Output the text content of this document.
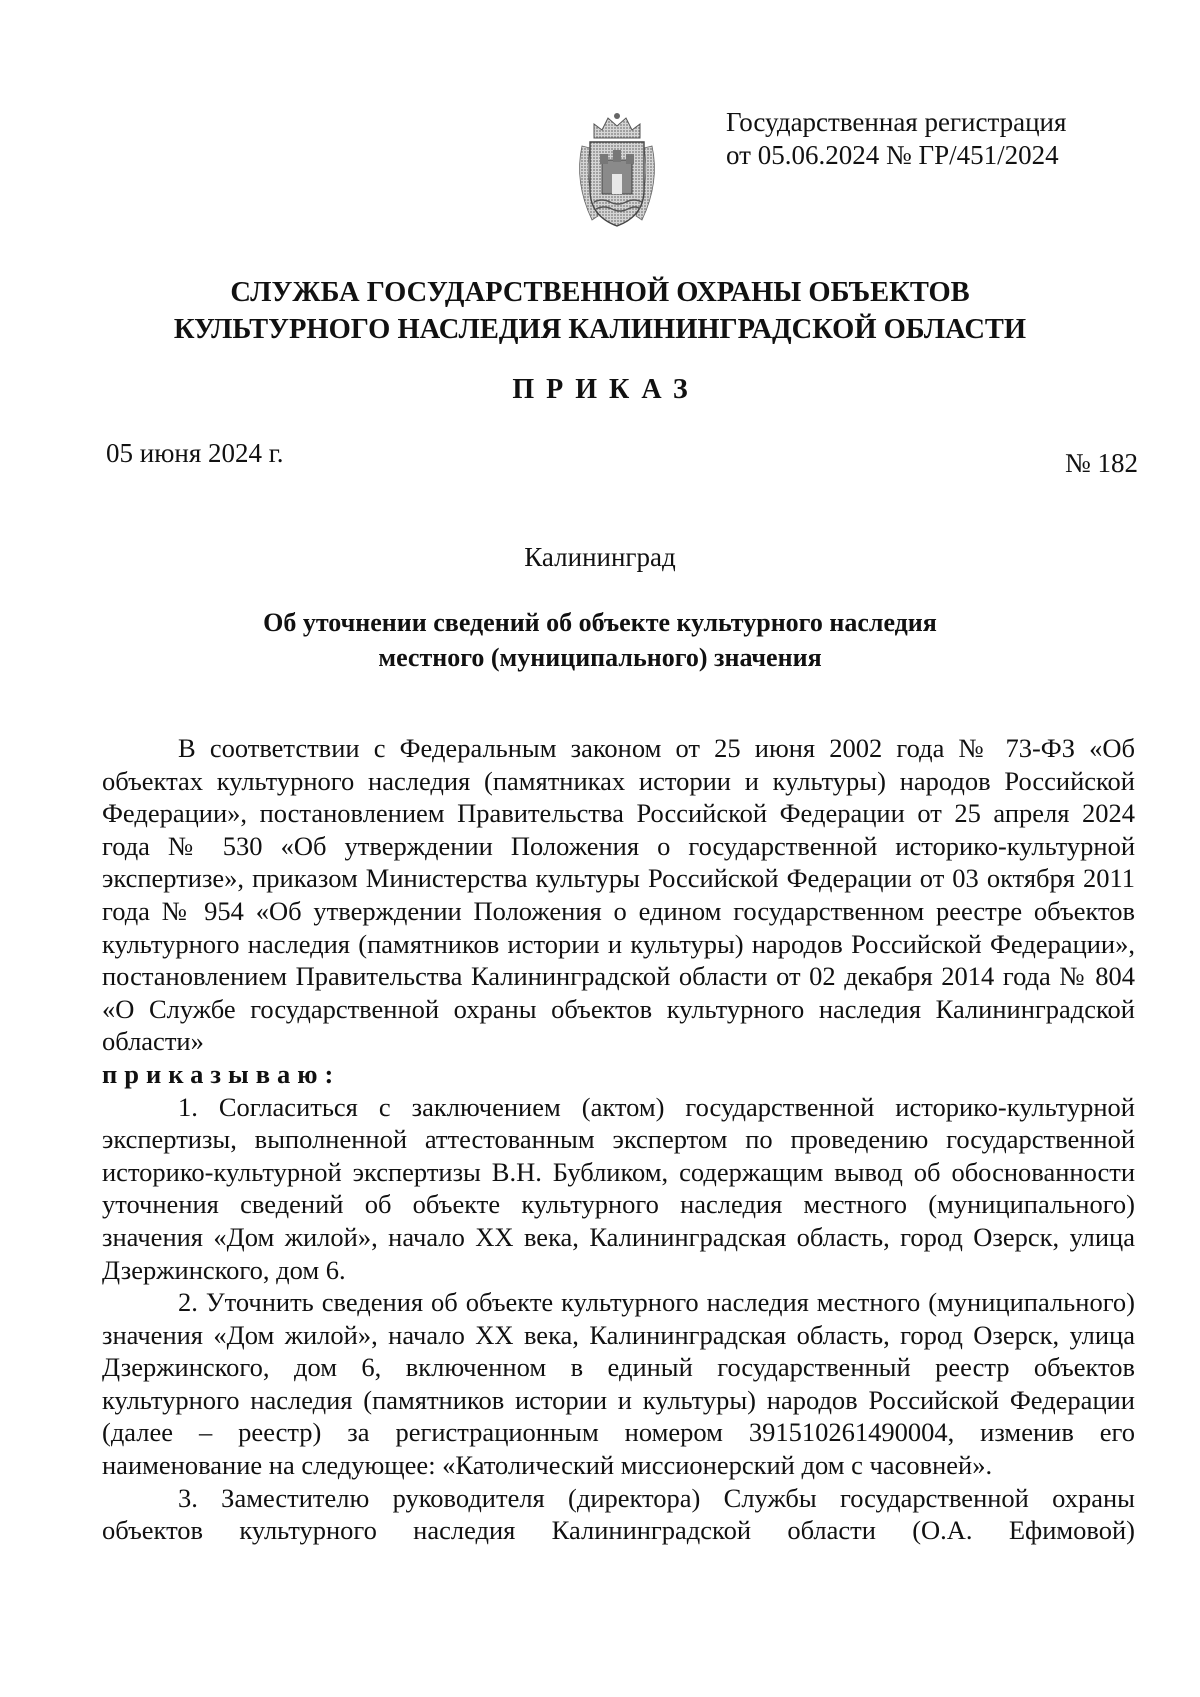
Государственная регистрация
от 05.06.2024 № ГР/451/2024
СЛУЖБА ГОСУДАРСТВЕННОЙ ОХРАНЫ ОБЪЕКТОВ
КУЛЬТУРНОГО НАСЛЕДИЯ КАЛИНИНГРАДСКОЙ ОБЛАСТИ
ПРИКАЗ
05 июня 2024 г.	№ 182
Калининград
Об уточнении сведений об объекте культурного наследия
местного (муниципального) значения

В соответствии с Федеральным законом от 25 июня 2002 года № 73-ФЗ «Об объектах культурного наследия (памятниках истории и культуры) народов Российской Федерации», постановлением Правительства Российской Федерации от 25 апреля 2024 года № 530 «Об утверждении Положения о государственной историко-культурной экспертизе», приказом Министерства культуры Российской Федерации от 03 октября 2011 года № 954 «Об утверждении Положения о едином государственном реестре объектов культурного наследия (памятников истории и культуры) народов Российской Федерации», постановлением Правительства Калининградской области от 02 декабря 2014 года № 804 «О Службе государственной охраны объектов культурного наследия Калининградской области»

приказываю:

1. Согласиться с заключением (актом) государственной историко-культурной экспертизы, выполненной аттестованным экспертом по проведению государственной историко-культурной экспертизы В.Н. Бубликом, содержащим вывод об обоснованности уточнения сведений об объекте культурного наследия местного (муниципального) значения «Дом жилой», начало XX века, Калининградская область, город Озерск, улица Дзержинского, дом 6.

2. Уточнить сведения об объекте культурного наследия местного (муниципального) значения «Дом жилой», начало XX века, Калининградская область, город Озерск, улица Дзержинского, дом 6, включенном в единый государственный реестр объектов культурного наследия (памятников истории и культуры) народов Российской Федерации (далее – реестр) за регистрационным номером 391510261490004, изменив его наименование на следующее: «Католический миссионерский дом с часовней».

3. Заместителю руководителя (директора) Службы государственной охраны объектов культурного наследия Калининградской области (О.А. Ефимовой)
